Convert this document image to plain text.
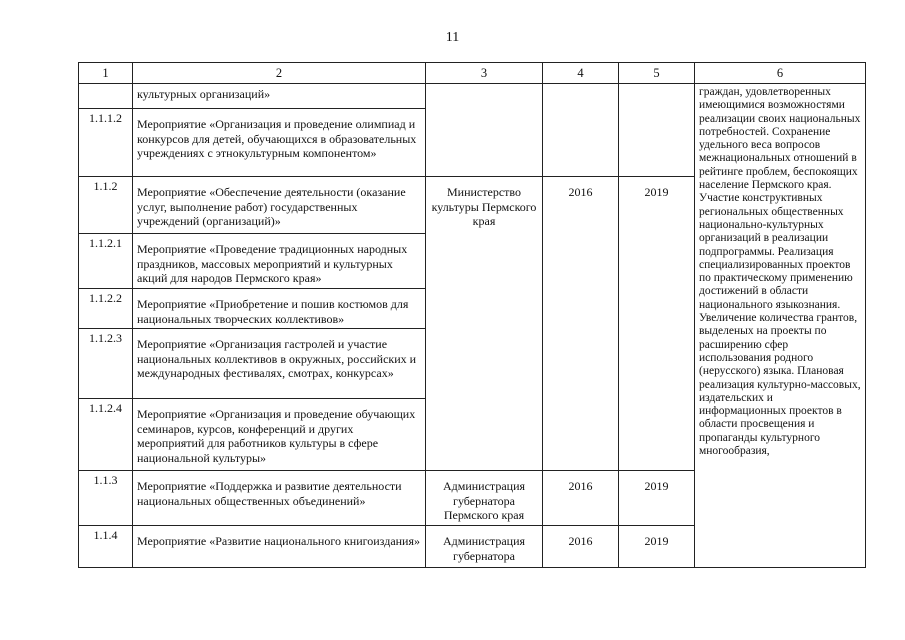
11
1	2	3	4	5	6
	культурных организаций»				граждан, удовлетворенных имеющимися возможностями реализации своих национальных потребностей. Сохранение удельного веса вопросов межнациональных отношений в рейтинге проблем, беспокоящих население Пермского края. Участие конструктивных региональных общественных национально-культурных организаций в реализации подпрограммы. Реализация специализированных проектов по практическому применению достижений в области национального языкознания. Увеличение количества грантов, выделеных на проекты по расширению сфер использования родного (нерусского) языка. Плановая реализация культурно-массовых, издательских и информационных проектов в области просвещения и пропаганды культурного многообразия,
1.1.1.2	Мероприятие «Организация и проведение олимпиад и конкурсов для детей, обучающихся в образовательных учреждениях с этнокультурным компонентом»				
1.1.2	Мероприятие «Обеспечение деятельности (оказание услуг, выполнение работ) государственных учреждений (организаций)»	Министерство культуры Пермского края	2016	2019	
1.1.2.1	Мероприятие «Проведение традиционных народных праздников, массовых мероприятий и культурных акций для народов Пермского края»				
1.1.2.2	Мероприятие «Приобретение и пошив костюмов для национальных творческих коллективов»				
1.1.2.3	Мероприятие «Организация гастролей и участие национальных коллективов в окружных, российских и международных фестивалях, смотрах, конкурсах»				
1.1.2.4	Мероприятие «Организация и проведение обучающих семинаров, курсов, конференций и других мероприятий для работников культуры в сфере национальной культуры»				
1.1.3	Мероприятие «Поддержка и развитие деятельности национальных общественных объединений»	Администрация губернатора Пермского края	2016	2019	
1.1.4	Мероприятие «Развитие национального книгоиздания»	Администрация губернатора	2016	2019	
